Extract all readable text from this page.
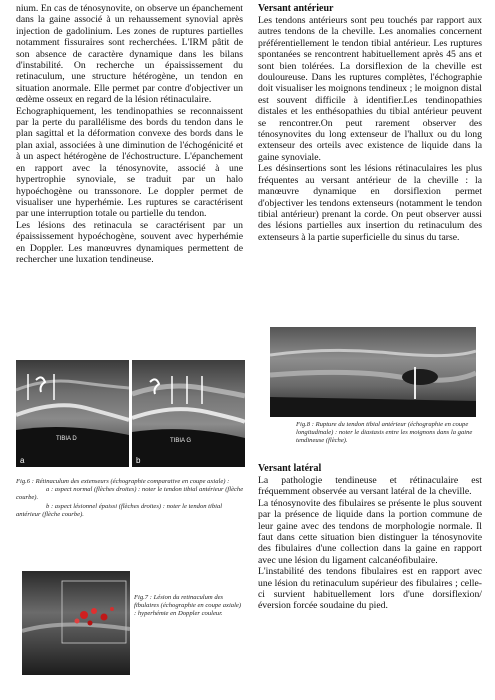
nium. En cas de ténosynovite, on observe un épanchement dans la gaine associé à un rehaussement synovial après injection de gadolinium. Les zones de ruptures partielles notamment fissuraires sont recherchées. L'IRM pâtit de son absence de caractère dynamique dans les bilans d'instabilité. On recherche un épaississement du retinaculum, une structure hétérogène, un tendon en situation anormale. Elle permet par contre d'objectiver un œdème osseux en regard de la lésion rétinaculaire.

Echographiquement, les tendinopathies se reconnaissent par la perte du parallélisme des bords du tendon dans le plan sagittal et la déformation convexe des bords dans le plan axial, associées à une diminution de l'échogénicité et à un aspect hétérogène de l'échostructure. L'épanchement en rapport avec la ténosynovite, associé à une hypertrophie synoviale, se traduit par un halo hypoéchogène ou transsonore. Le doppler permet de visualiser une hyperhémie. Les ruptures se caractérisent par une interruption totale ou partielle du tendon.

Les lésions des retinacula se caractérisent par un épaississement hypoéchogène, souvent avec hyperhémie en Doppler. Les manœuvres dynamiques permettent de rechercher une luxation tendineuse.

TIBIA D
a
TIBIA G
b

Fig.6 : Rétinaculum des extenseurs (échographie comparative en coupe axiale) :

a : aspect normal (flèches droites) : noter le tendon tibial antérieur (flèche courbe).

b : aspect lésionnel épaissi (flèches droites) : noter le tendon tibial antérieur (flèche courbe).

Fig.7 : Lésion du retinaculum des fibulaires (échographie en coupe axiale) : hyperhémie en Doppler couleur.

Versant antérieur

Les tendons antérieurs sont peu touchés par rapport aux autres tendons de la cheville. Les anomalies concernent préférentiellement le tendon tibial antérieur. Les ruptures spontanées se rencontrent habituellement après 45 ans et sont bien tolérées. La dorsiflexion de la cheville est douloureuse. Dans les ruptures complètes, l'échographie doit visualiser les moignons tendineux ; le moignon distal est souvent difficile à identifier.Les tendinopathies distales et les enthésopathies du tibial antérieur peuvent se rencontrer.On peut rarement observer des ténosynovites du long extenseur de l'hallux ou du long extenseur des orteils avec existence de liquide dans la gaine synoviale.

Les désinsertions sont les lésions rétinaculaires les plus fréquentes au versant antérieur de la cheville : la manœuvre dynamique en dorsiflexion permet d'objectiver les tendons extenseurs (notamment le tendon tibial antérieur) prenant la corde. On peut observer aussi des lésions partielles aux insertion du retinaculum des extenseurs à la partie superficielle du sinus du tarse.

Fig.8 : Rupture du tendon tibial antérieur (échographie en coupe longitudinale) : noter le diastasis entre les moignons dans la gaine tendineuse (flèche).

Versant latéral

La pathologie tendineuse et rétinaculaire est fréquemment observée au versant latéral de la cheville.

La ténosynovite des fibulaires se présente le plus souvent par la présence de liquide dans la portion commune de leur gaine avec des tendons de morphologie normale. Il faut dans cette situation bien distinguer la ténosynovite des fibulaires d'une collection dans la gaine en rapport avec une lésion du ligament calcanéofibulaire.

L'instabilité des tendons fibulaires est en rapport avec une lésion du retinaculum supérieur des fibulaires ; celle-ci survient habituellement lors d'une dorsiflexion/éversion forcée soudaine du pied.
